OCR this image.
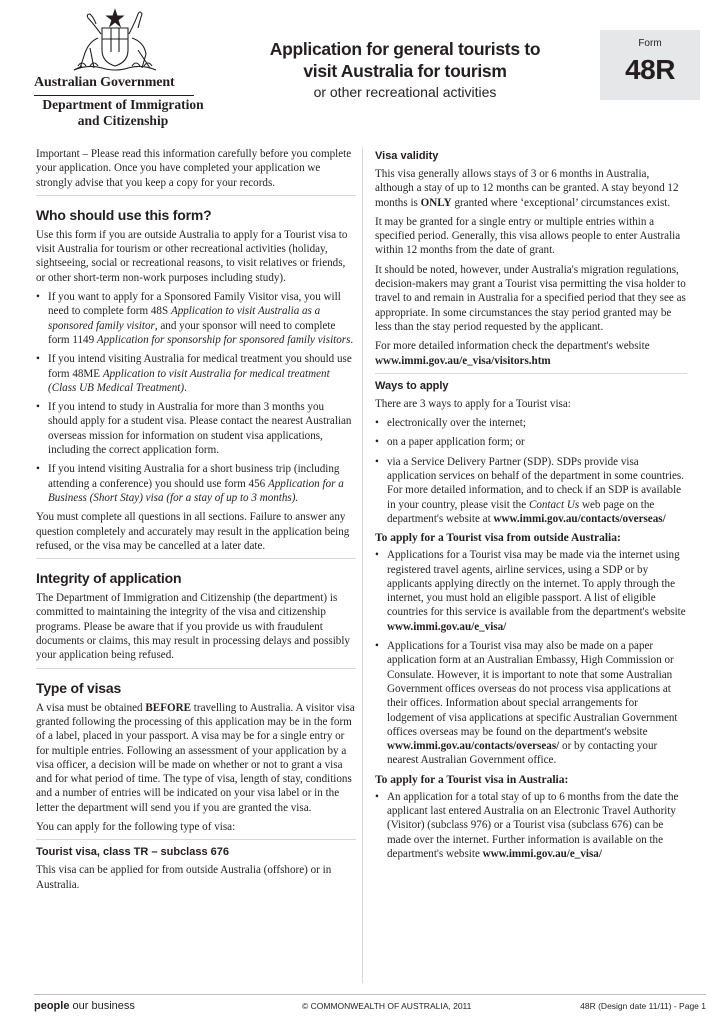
Australian Government
Department of Immigration
and Citizenship
Application for general tourists to
visit Australia for tourism
or other recreational activities
Form
48R

Important – Please read this information carefully before you complete your application. Once you have completed your application we strongly advise that you keep a copy for your records.

Who should use this form?

Use this form if you are outside Australia to apply for a Tourist visa to visit Australia for tourism or other recreational activities (holiday, sightseeing, social or recreational reasons, to visit relatives or friends, or other short-term non-work purposes including study).

• If you want to apply for a Sponsored Family Visitor visa, you will need to complete form 48S Application to visit Australia as a sponsored family visitor, and your sponsor will need to complete form 1149 Application for sponsorship for sponsored family visitors.
• If you intend visiting Australia for medical treatment you should use form 48ME Application to visit Australia for medical treatment (Class UB Medical Treatment).
• If you intend to study in Australia for more than 3 months you should apply for a student visa. Please contact the nearest Australian overseas mission for information on student visa applications, including the correct application form.
• If you intend visiting Australia for a short business trip (including attending a conference) you should use form 456 Application for a Business (Short Stay) visa (for a stay of up to 3 months).

You must complete all questions in all sections. Failure to answer any question completely and accurately may result in the application being refused, or the visa may be cancelled at a later date.

Integrity of application

The Department of Immigration and Citizenship (the department) is committed to maintaining the integrity of the visa and citizenship programs. Please be aware that if you provide us with fraudulent documents or claims, this may result in processing delays and possibly your application being refused.

Type of visas

A visa must be obtained BEFORE travelling to Australia. A visitor visa granted following the processing of this application may be in the form of a label, placed in your passport. A visa may be for a single entry or for multiple entries. Following an assessment of your application by a visa officer, a decision will be made on whether or not to grant a visa and for what period of time. The type of visa, length of stay, conditions and a number of entries will be indicated on your visa label or in the letter the department will send you if you are granted the visa.

You can apply for the following type of visa:

Tourist visa, class TR – subclass 676

This visa can be applied for from outside Australia (offshore) or in Australia.

Visa validity

This visa generally allows stays of 3 or 6 months in Australia, although a stay of up to 12 months can be granted. A stay beyond 12 months is ONLY granted where ‘exceptional’ circumstances exist.

It may be granted for a single entry or multiple entries within a specified period. Generally, this visa allows people to enter Australia within 12 months from the date of grant.

It should be noted, however, under Australia's migration regulations, decision-makers may grant a Tourist visa permitting the visa holder to travel to and remain in Australia for a specified period that they see as appropriate. In some circumstances the stay period granted may be less than the stay period requested by the applicant.

For more detailed information check the department's website www.immi.gov.au/e_visa/visitors.htm

Ways to apply

There are 3 ways to apply for a Tourist visa:

• electronically over the internet;
• on a paper application form; or
• via a Service Delivery Partner (SDP). SDPs provide visa application services on behalf of the department in some countries. For more detailed information, and to check if an SDP is available in your country, please visit the Contact Us web page on the department's website at www.immi.gov.au/contacts/overseas/
To apply for a Tourist visa from outside Australia:
• Applications for a Tourist visa may be made via the internet using registered travel agents, airline services, using a SDP or by applicants applying directly on the internet. To apply through the internet, you must hold an eligible passport. A list of eligible countries for this service is available from the department's website www.immi.gov.au/e_visa/
• Applications for a Tourist visa may also be made on a paper application form at an Australian Embassy, High Commission or Consulate. However, it is important to note that some Australian Government offices overseas do not process visa applications at their offices. Information about special arrangements for lodgement of visa applications at specific Australian Government offices overseas may be found on the department's website www.immi.gov.au/contacts/overseas/ or by contacting your nearest Australian Government office.
To apply for a Tourist visa in Australia:
• An application for a total stay of up to 6 months from the date the applicant last entered Australia on an Electronic Travel Authority (Visitor) (subclass 976) or a Tourist visa (subclass 676) can be made over the internet. Further information is available on the department's website www.immi.gov.au/e_visa/
people our business	© COMMONWEALTH OF AUSTRALIA, 2011	48R (Design date 11/11) - Page 1
